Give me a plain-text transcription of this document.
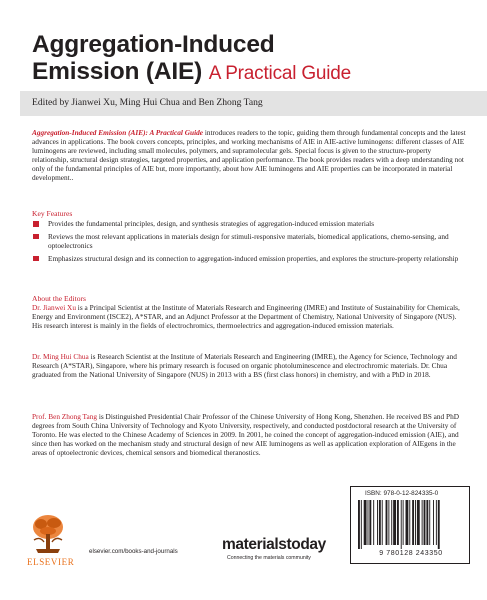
Aggregation-Induced
Emission (AIE) A Practical Guide
Edited by Jianwei Xu, Ming Hui Chua and Ben Zhong Tang

Aggregation-Induced Emission (AIE): A Practical Guide introduces readers to the topic, guiding them through fundamental concepts and the latest advances in applications. The book covers concepts, principles, and working mechanisms of AIE in AIE-active luminogens: different classes of AIE luminogens are reviewed, including small molecules, polymers, and supramolecular gels. Special focus is given to the structure-property relationship, structural design strategies, targeted properties, and application performance. The book provides readers with a deep understanding not only of the fundamental principles of AIE but, more importantly, about how AIE luminogens and AIE properties can be incorporated in material development..

Key Features
Provides the fundamental principles, design, and synthesis strategies of aggregation-induced emission materials
Reviews the most relevant applications in materials design for stimuli-responsive materials, biomedical applications, chemo-sensing, and optoelectronics
Emphasizes structural design and its connection to aggregation-induced emission properties, and explores the structure-property relationship
About the Editors

Dr. Jianwei Xu is a Principal Scientist at the Institute of Materials Research and Engineering (IMRE) and Institute of Sustainability for Chemicals, Energy and Environment (ISCE2), A*STAR, and an Adjunct Professor at the Department of Chemistry, National University of Singapore (NUS). His research interest is mainly in the fields of electrochromics, thermoelectrics and aggregation-induced emission materials.

Dr. Ming Hui Chua is Research Scientist at the Institute of Materials Research and Engineering (IMRE), the Agency for Science, Technology and Research (A*STAR), Singapore, where his primary research is focused on organic photoluminescence and electrochromic materials. Dr. Chua graduated from the National University of Singapore (NUS) in 2013 with a BS (first class honors) in chemistry, and with a PhD in 2018.

Prof. Ben Zhong Tang is Distinguished Presidential Chair Professor of the Chinese University of Hong Kong, Shenzhen. He received BS and PhD degrees from South China University of Technology and Kyoto University, respectively, and conducted postdoctoral research at the University of Toronto. He was elected to the Chinese Academy of Sciences in 2009. In 2001, he coined the concept of aggregation-induced emission (AIE), and since then has worked on the mechanism study and structural design of new AIE luminogens as well as application exploration of AIEgens in the areas of optoelectronic devices, chemical sensors and biomedical theranostics.

ELSEVIER
elsevier.com/books-and-journals	materialstoday
Connecting the materials community
ISBN: 978-0-12-824335-0
9 780128 243350
